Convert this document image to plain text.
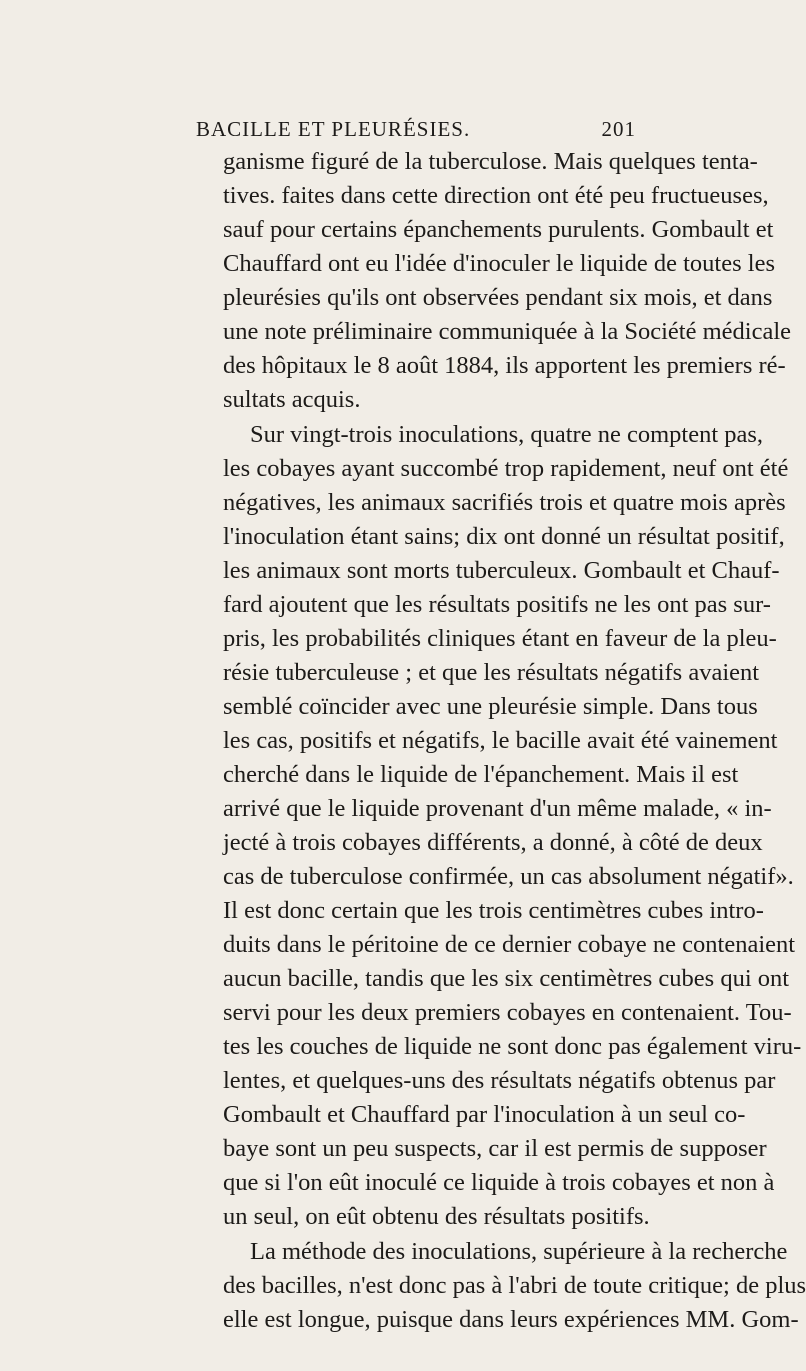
BACILLE ET PLEURÉSIES.	201
ganisme figuré de la tuberculose. Mais quelques tenta-
tives. faites dans cette direction ont été peu fructueuses,
sauf pour certains épanchements purulents. Gombault et
Chauffard ont eu l'idée d'inoculer le liquide de toutes les
pleurésies qu'ils ont observées pendant six mois, et dans
une note préliminaire communiquée à la Société médicale
des hôpitaux le 8 août 1884, ils apportent les premiers ré-
sultats acquis.
Sur vingt-trois inoculations, quatre ne comptent pas,
les cobayes ayant succombé trop rapidement, neuf ont été
négatives, les animaux sacrifiés trois et quatre mois après
l'inoculation étant sains; dix ont donné un résultat positif,
les animaux sont morts tuberculeux. Gombault et Chauf-
fard ajoutent que les résultats positifs ne les ont pas sur-
pris, les probabilités cliniques étant en faveur de la pleu-
résie tuberculeuse ; et que les résultats négatifs avaient
semblé coïncider avec une pleurésie simple. Dans tous
les cas, positifs et négatifs, le bacille avait été vainement
cherché dans le liquide de l'épanchement. Mais il est
arrivé que le liquide provenant d'un même malade, « in-
jecté à trois cobayes différents, a donné, à côté de deux
cas de tuberculose confirmée, un cas absolument négatif».
Il est donc certain que les trois centimètres cubes intro-
duits dans le péritoine de ce dernier cobaye ne contenaient
aucun bacille, tandis que les six centimètres cubes qui ont
servi pour les deux premiers cobayes en contenaient. Tou-
tes les couches de liquide ne sont donc pas également viru-
lentes, et quelques-uns des résultats négatifs obtenus par
Gombault et Chauffard par l'inoculation à un seul co-
baye sont un peu suspects, car il est permis de supposer
que si l'on eût inoculé ce liquide à trois cobayes et non à
un seul, on eût obtenu des résultats positifs.
La méthode des inoculations, supérieure à la recherche
des bacilles, n'est donc pas à l'abri de toute critique; de plus
elle est longue, puisque dans leurs expériences MM. Gom-
